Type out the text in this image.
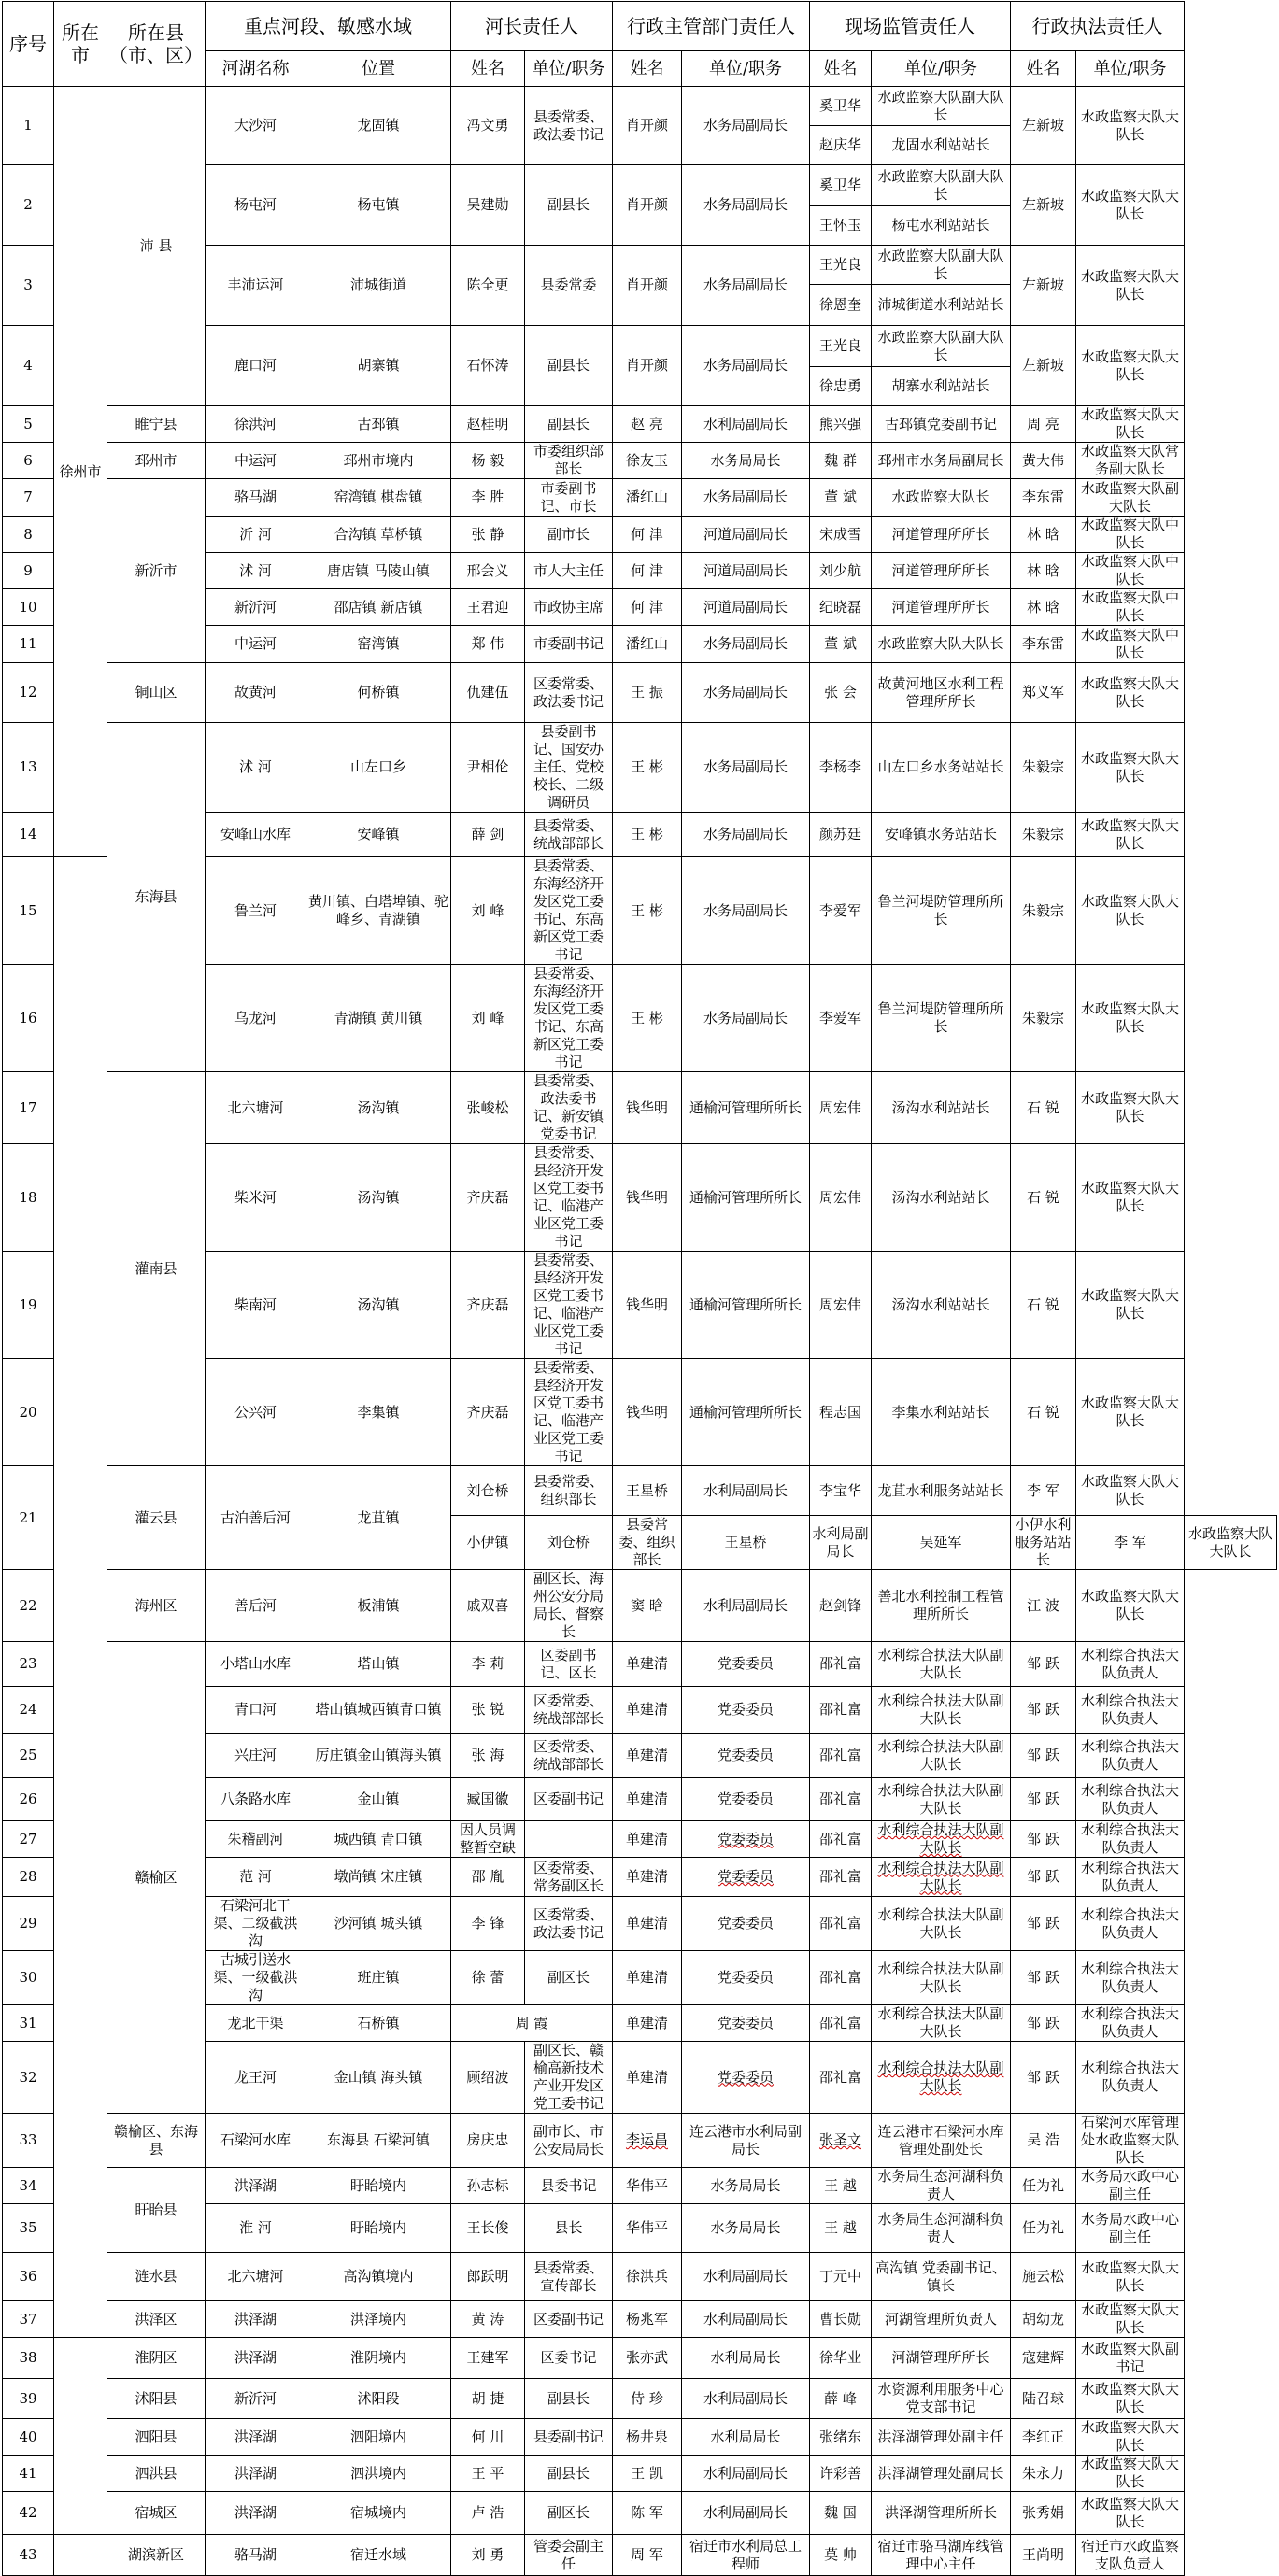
序号	所在市	所在县（市、区）	重点河段、敏感水域		河长责任人		行政主管部门责任人		现场监管责任人		行政执法责任人		
			河湖名称	位置	姓名	单位/职务	姓名	单位/职务	姓名	单位/职务	姓名	单位/职务	
1	徐州市	沛 县	大沙河	龙固镇	冯文勇	县委常委、政法委书记	肖开颜	水务局副局长	奚卫华	水政监察大队副大队长	左新坡	水政监察大队大队长	
									赵庆华	龙固水利站站长			
2			杨屯河	杨屯镇	吴建勋	副县长	肖开颜	水务局副局长	奚卫华	水政监察大队副大队长	左新坡	水政监察大队大队长	
									王怀玉	杨屯水利站站长			
3			丰沛运河	沛城街道	陈全更	县委常委	肖开颜	水务局副局长	王光良	水政监察大队副大队长	左新坡	水政监察大队大队长	
									徐恩奎	沛城街道水利站站长			
4			鹿口河	胡寨镇	石怀涛	副县长	肖开颜	水务局副局长	王光良	水政监察大队副大队长	左新坡	水政监察大队大队长	
									徐忠勇	胡寨水利站站长			
5		睢宁县	徐洪河	古邳镇	赵桂明	副县长	赵 亮	水利局副局长	熊兴强	古邳镇党委副书记	周 亮	水政监察大队大队长	
6		邳州市	中运河	邳州市境内	杨 毅	市委组织部部长	徐友玉	水务局局长	魏 群	邳州市水务局副局长	黄大伟	水政监察大队常务副大队长	
7		新沂市	骆马湖	窑湾镇 棋盘镇	李 胜	市委副书记、市长	潘红山	水务局副局长	董 斌	水政监察大队长	李东雷	水政监察大队副大队长	
8			沂 河	合沟镇 草桥镇	张 静	副市长	何 津	河道局副局长	宋成雪	河道管理所所长	林 晗	水政监察大队中队长	
9			沭 河	唐店镇 马陵山镇	邢会义	市人大主任	何 津	河道局副局长	刘少航	河道管理所所长	林 晗	水政监察大队中队长	
10			新沂河	邵店镇 新店镇	王君迎	市政协主席	何 津	河道局副局长	纪晓磊	河道管理所所长	林 晗	水政监察大队中队长	
11			中运河	窑湾镇	郑 伟	市委副书记	潘红山	水务局副局长	董 斌	水政监察大队大队长	李东雷	水政监察大队中队长	
12		铜山区	故黄河	何桥镇	仇建伍	区委常委、政法委书记	王 振	水务局副局长	张 会	故黄河地区水利工程管理所所长	郑义军	水政监察大队大队长	
13		东海县	沭 河	山左口乡	尹相伦	县委副书记、国安办主任、党校校长、二级调研员	王 彬	水务局副局长	李杨李	山左口乡水务站站长	朱毅宗	水政监察大队大队长	
14			安峰山水库	安峰镇	薛 剑	县委常委、统战部部长	王 彬	水务局副局长	颜苏廷	安峰镇水务站站长	朱毅宗	水政监察大队大队长	
15			鲁兰河	黄川镇、白塔埠镇、驼峰乡、青湖镇	刘 峰	县委常委、东海经济开发区党工委书记、东高新区党工委书记	王 彬	水务局副局长	李爱军	鲁兰河堤防管理所所长	朱毅宗	水政监察大队大队长	
16			乌龙河	青湖镇 黄川镇	刘 峰	县委常委、东海经济开发区党工委书记、东高新区党工委书记	王 彬	水务局副局长	李爱军	鲁兰河堤防管理所所长	朱毅宗	水政监察大队大队长	
17		灌南县	北六塘河	汤沟镇	张峻松	县委常委、政法委书记、新安镇党委书记	钱华明	通榆河管理所所长	周宏伟	汤沟水利站站长	石 锐	水政监察大队大队长	
18			柴米河	汤沟镇	齐庆磊	县委常委、县经济开发区党工委书记、临港产业区党工委书记	钱华明	通榆河管理所所长	周宏伟	汤沟水利站站长	石 锐	水政监察大队大队长	
19			柴南河	汤沟镇	齐庆磊	县委常委、县经济开发区党工委书记、临港产业区党工委书记	钱华明	通榆河管理所所长	周宏伟	汤沟水利站站长	石 锐	水政监察大队大队长	
20			公兴河	李集镇	齐庆磊	县委常委、县经济开发区党工委书记、临港产业区党工委书记	钱华明	通榆河管理所所长	程志国	李集水利站站长	石 锐	水政监察大队大队长	
21		灌云县	古泊善后河	龙苴镇	刘仓桥	县委常委、组织部长	王星桥	水利局副局长	李宝华	龙苴水利服务站站长	李 军	水政监察大队大队长	
					小伊镇	刘仓桥	县委常委、组织部长	王星桥	水利局副局长	吴延军	小伊水利服务站站长	李 军	水政监察大队大队长
22		海州区	善后河	板浦镇	戚双喜	副区长、海州公安分局局长、督察长	窦 晗	水利局副局长	赵剑锋	善北水利控制工程管理所所长	江 波	水政监察大队大队长	
23		赣榆区	小塔山水库	塔山镇	李 莉	区委副书记、区长	单建清	党委委员	邵礼富	水利综合执法大队副大队长	邹 跃	水利综合执法大队负责人	
24			青口河	塔山镇城西镇青口镇	张 锐	区委常委、统战部部长	单建清	党委委员	邵礼富	水利综合执法大队副大队长	邹 跃	水利综合执法大队负责人	
25			兴庄河	厉庄镇金山镇海头镇	张 海	区委常委、统战部部长	单建清	党委委员	邵礼富	水利综合执法大队副大队长	邹 跃	水利综合执法大队负责人	
26			八条路水库	金山镇	臧国徽	区委副书记	单建清	党委委员	邵礼富	水利综合执法大队副大队长	邹 跃	水利综合执法大队负责人	
27			朱稽副河	城西镇 青口镇	因人员调整暂空缺		单建清	党委委员	邵礼富	水利综合执法大队副大队长	邹 跃	水利综合执法大队负责人	
28			范 河	墩尚镇 宋庄镇	邵 胤	区委常委、常务副区长	单建清	党委委员	邵礼富	水利综合执法大队副大队长	邹 跃	水利综合执法大队负责人	
29			石梁河北干渠、二级截洪沟	沙河镇 城头镇	李 锋	区委常委、政法委书记	单建清	党委委员	邵礼富	水利综合执法大队副大队长	邹 跃	水利综合执法大队负责人	
30			古城引送水渠、一级截洪沟	班庄镇	徐 蕾	副区长	单建清	党委委员	邵礼富	水利综合执法大队副大队长	邹 跃	水利综合执法大队负责人	
31			龙北干渠	石桥镇	周 霞		单建清	党委委员	邵礼富	水利综合执法大队副大队长	邹 跃	水利综合执法大队负责人	
32			龙王河	金山镇 海头镇	顾绍波	副区长、赣榆高新技术产业开发区党工委书记	单建清	党委委员	邵礼富	水利综合执法大队副大队长	邹 跃	水利综合执法大队负责人	
33		赣榆区、东海县	石梁河水库	东海县 石梁河镇	房庆忠	副市长、市公安局局长	李运昌	连云港市水利局副局长	张圣文	连云港市石梁河水库管理处副处长	吴 浩	石梁河水库管理处水政监察大队队长	
34		盱眙县	洪泽湖	盱眙境内	孙志标	县委书记	华伟平	水务局局长	王 越	水务局生态河湖科负责人	任为礼	水务局水政中心副主任	
35			淮 河	盱眙境内	王长俊	县长	华伟平	水务局局长	王 越	水务局生态河湖科负责人	任为礼	水务局水政中心副主任	
36		涟水县	北六塘河	高沟镇境内	郎跃明	县委常委、宣传部长	徐洪兵	水利局副局长	丁元中	高沟镇 党委副书记、镇长	施云松	水政监察大队大队长	
37		洪泽区	洪泽湖	洪泽境内	黄 涛	区委副书记	杨兆军	水利局副局长	曹长勋	河湖管理所负责人	胡幼龙	水政监察大队大队长	
38		淮阴区	洪泽湖	淮阴境内	王建军	区委书记	张亦武	水利局局长	徐华业	河湖管理所所长	寇建辉	水政监察大队副书记	
39		沭阳县	新沂河	沭阳段	胡 捷	副县长	侍 珍	水利局副局长	薛 峰	水资源利用服务中心党支部书记	陆召球	水政监察大队大队长	
40		泗阳县	洪泽湖	泗阳境内	何 川	县委副书记	杨井泉	水利局局长	张绪东	洪泽湖管理处副主任	李红正	水政监察大队大队长	
41		泗洪县	洪泽湖	泗洪境内	王 平	副县长	王 凯	水利局副局长	许彩善	洪泽湖管理处副局长	朱永力	水政监察大队大队长	
42		宿城区	洪泽湖	宿城境内	卢 浩	副区长	陈 军	水利局副局长	魏 国	洪泽湖管理所所长	张秀娟	水政监察大队大队长	
43		湖滨新区	骆马湖	宿迁水域	刘 勇	管委会副主任	周 军	宿迁市水利局总工程师	莫 帅	宿迁市骆马湖库线管理中心主任	王尚明	宿迁市水政监察支队负责人	
